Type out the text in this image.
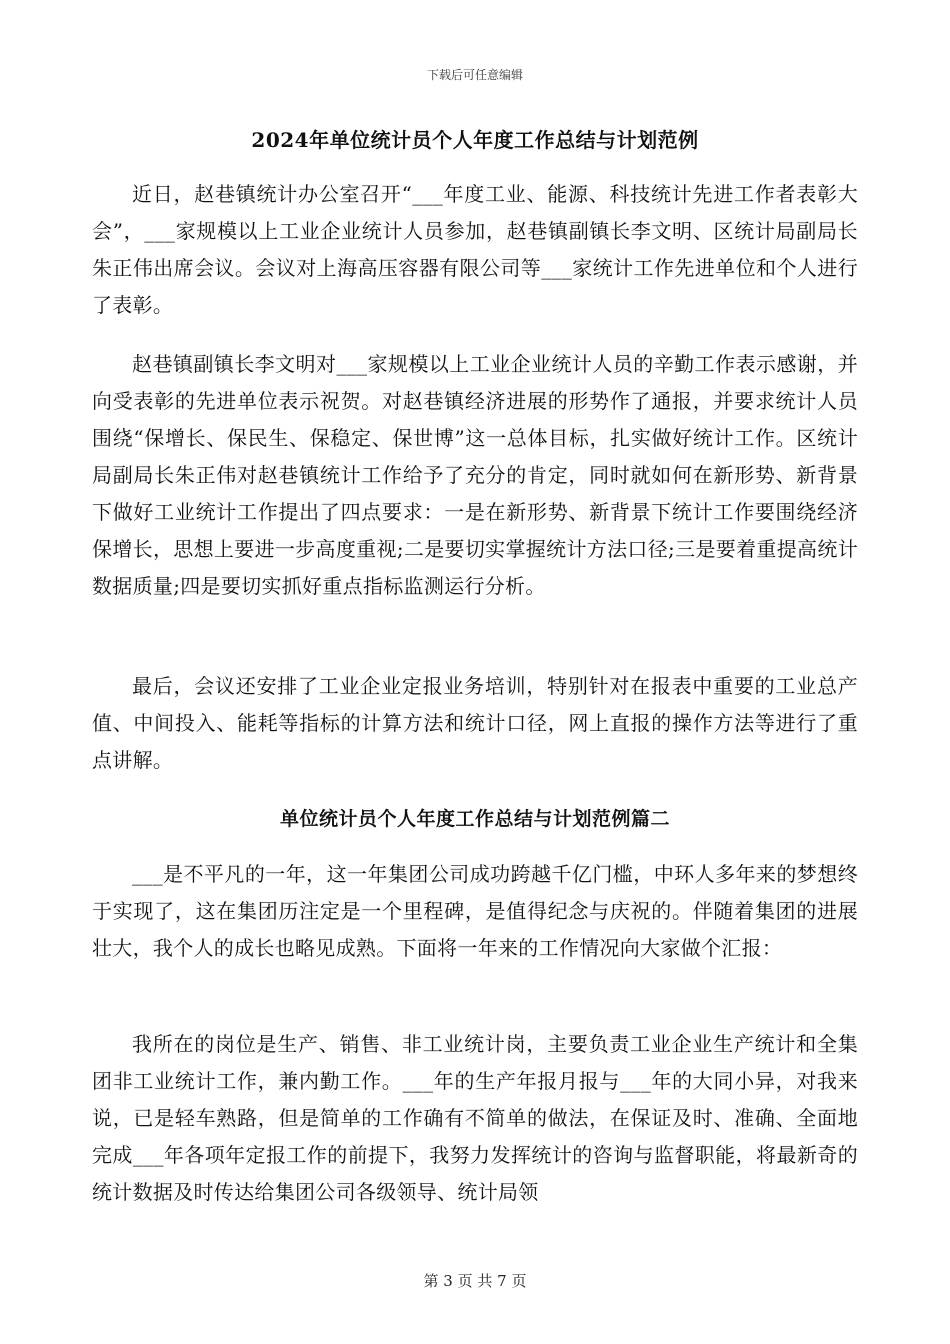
下载后可任意编辑
2024年单位统计员个人年度工作总结与计划范例

近日，赵巷镇统计办公室召开“___年度工业、能源、科技统计先进工作者表彰大会”，___家规模以上工业企业统计人员参加，赵巷镇副镇长李文明、区统计局副局长朱正伟出席会议。会议对上海高压容器有限公司等___家统计工作先进单位和个人进行了表彰。

赵巷镇副镇长李文明对___家规模以上工业企业统计人员的辛勤工作表示感谢，并向受表彰的先进单位表示祝贺。对赵巷镇经济进展的形势作了通报，并要求统计人员围绕“保增长、保民生、保稳定、保世博”这一总体目标，扎实做好统计工作。区统计局副局长朱正伟对赵巷镇统计工作给予了充分的肯定，同时就如何在新形势、新背景下做好工业统计工作提出了四点要求：一是在新形势、新背景下统计工作要围绕经济保增长，思想上要进一步高度重视;二是要切实掌握统计方法口径;三是要着重提高统计数据质量;四是要切实抓好重点指标监测运行分析。

最后，会议还安排了工业企业定报业务培训，特别针对在报表中重要的工业总产值、中间投入、能耗等指标的计算方法和统计口径，网上直报的操作方法等进行了重点讲解。

单位统计员个人年度工作总结与计划范例篇二

___是不平凡的一年，这一年集团公司成功跨越千亿门槛，中环人多年来的梦想终于实现了，这在集团历注定是一个里程碑，是值得纪念与庆祝的。伴随着集团的进展壮大，我个人的成长也略见成熟。下面将一年来的工作情况向大家做个汇报：

我所在的岗位是生产、销售、非工业统计岗，主要负责工业企业生产统计和全集团非工业统计工作，兼内勤工作。___年的生产年报月报与___年的大同小异，对我来说，已是轻车熟路，但是简单的工作确有不简单的做法，在保证及时、准确、全面地完成___年各项年定报工作的前提下，我努力发挥统计的咨询与监督职能，将最新奇的统计数据及时传达给集团公司各级领导、统计局领

第 3 页 共 7 页
